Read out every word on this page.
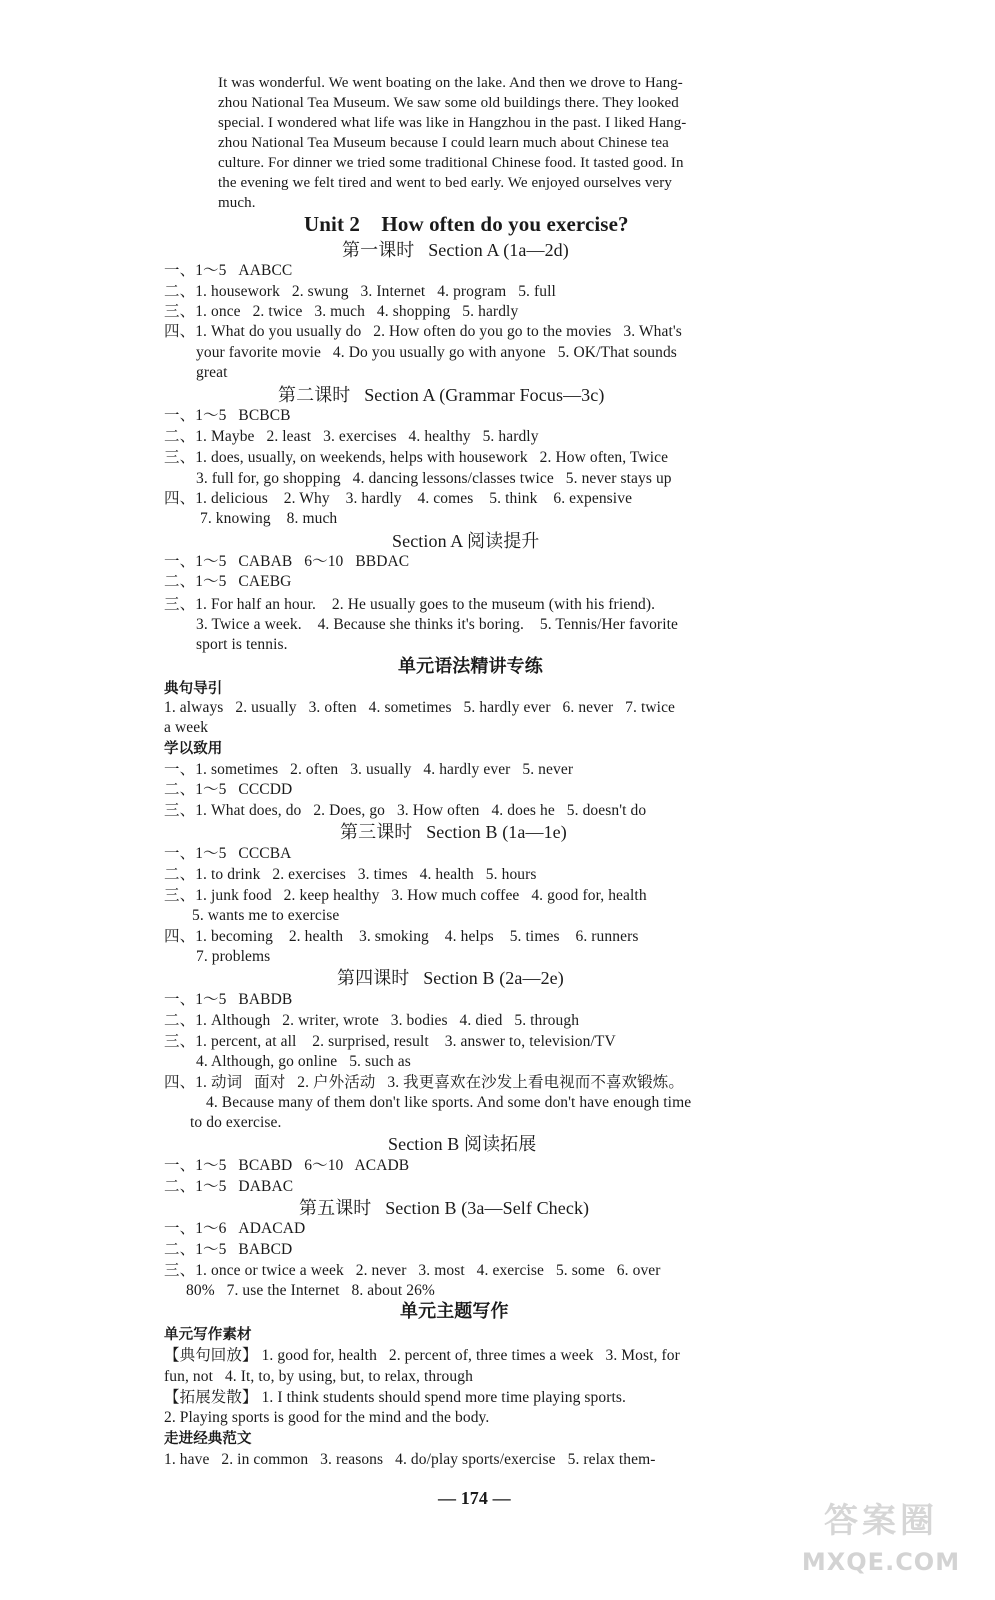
It was wonderful. We went boating on the lake. And then we drove to Hang-
zhou National Tea Museum. We saw some old buildings there. They looked
special. I wondered what life was like in Hangzhou in the past. I liked Hang-
zhou National Tea Museum because I could learn much about Chinese tea
culture. For dinner we tried some traditional Chinese food. It tasted good. In
the evening we felt tired and went to bed early. We enjoyed ourselves very
much.
Unit 2    How often do you exercise?
第一课时   Section A (1a—2d)
一、1～5   AABCC
二、1. housework   2. swung   3. Internet   4. program   5. full
三、1. once   2. twice   3. much   4. shopping   5. hardly
四、1. What do you usually do   2. How often do you go to the movies   3. What's
your favorite movie   4. Do you usually go with anyone   5. OK/That sounds
great
第二课时   Section A (Grammar Focus—3c)
一、1～5   BCBCB
二、1. Maybe   2. least   3. exercises   4. healthy   5. hardly
三、1. does, usually, on weekends, helps with housework   2. How often, Twice
3. full for, go shopping   4. dancing lessons/classes twice   5. never stays up
四、1. delicious    2. Why    3. hardly    4. comes    5. think    6. expensive
7. knowing    8. much
Section A 阅读提升
一、1～5   CABAB   6～10   BBDAC
二、1～5   CAEBG
三、1. For half an hour.    2. He usually goes to the museum (with his friend).
3. Twice a week.    4. Because she thinks it's boring.    5. Tennis/Her favorite
sport is tennis.
单元语法精讲专练
典句导引
1. always   2. usually   3. often   4. sometimes   5. hardly ever   6. never   7. twice
a week
学以致用
一、1. sometimes   2. often   3. usually   4. hardly ever   5. never
二、1～5   CCCDD
三、1. What does, do   2. Does, go   3. How often   4. does he   5. doesn't do
第三课时   Section B (1a—1e)
一、1～5   CCCBA
二、1. to drink   2. exercises   3. times   4. health   5. hours
三、1. junk food   2. keep healthy   3. How much coffee   4. good for, health
5. wants me to exercise
四、1. becoming    2. health    3. smoking    4. helps    5. times    6. runners
7. problems
第四课时   Section B (2a—2e)
一、1～5   BABDB
二、1. Although   2. writer, wrote   3. bodies   4. died   5. through
三、1. percent, at all    2. surprised, result    3. answer to, television/TV
4. Although, go online   5. such as
四、1. 动词   面对   2. 户外活动   3. 我更喜欢在沙发上看电视而不喜欢锻炼。
4. Because many of them don't like sports. And some don't have enough time
to do exercise.
Section B 阅读拓展
一、1～5   BCABD   6～10   ACADB
二、1～5   DABAC
第五课时   Section B (3a—Self Check)
一、1～6   ADACAD
二、1～5   BABCD
三、1. once or twice a week   2. never   3. most   4. exercise   5. some   6. over
80%   7. use the Internet   8. about 26%
单元主题写作
单元写作素材
【典句回放】 1. good for, health   2. percent of, three times a week   3. Most, for
fun, not   4. It, to, by using, but, to relax, through
【拓展发散】 1. I think students should spend more time playing sports.
2. Playing sports is good for the mind and the body.
走进经典范文
1. have   2. in common   3. reasons   4. do/play sports/exercise   5. relax them-
— 174 —
答案圈
MXQE.COM
